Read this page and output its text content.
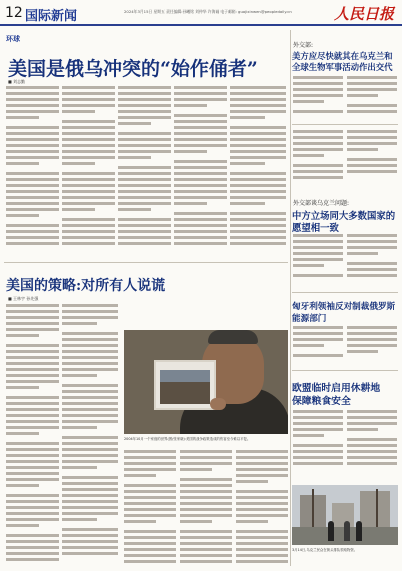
12 国际新闻	2024年3月15日 星期五 责任编辑:孙曦铭 刘仲华 许海诚 电子邮箱: guojixinwen@peopledaily.cn	人民日报
环球
美国是俄乌冲突的“始作俑者”
■ 刘志勤
美国的策略:对所有人说谎
■ 王林宇 孙先强
2004年10月一个家庭的世界(图/张家晓):美国的战争政策造成的伤害至今难以平复。
外交部:
美方应尽快就其在乌克兰和
全球生物军事活动作出交代
外交部谈乌克兰问题:
中方立场同大多数国家的
愿望相一致
匈牙利领袖反对制裁俄罗斯
能源部门
欧盟临时启用休耕地
保障粮食安全
3月14日,乌克兰民众在街头排队领取物资。
